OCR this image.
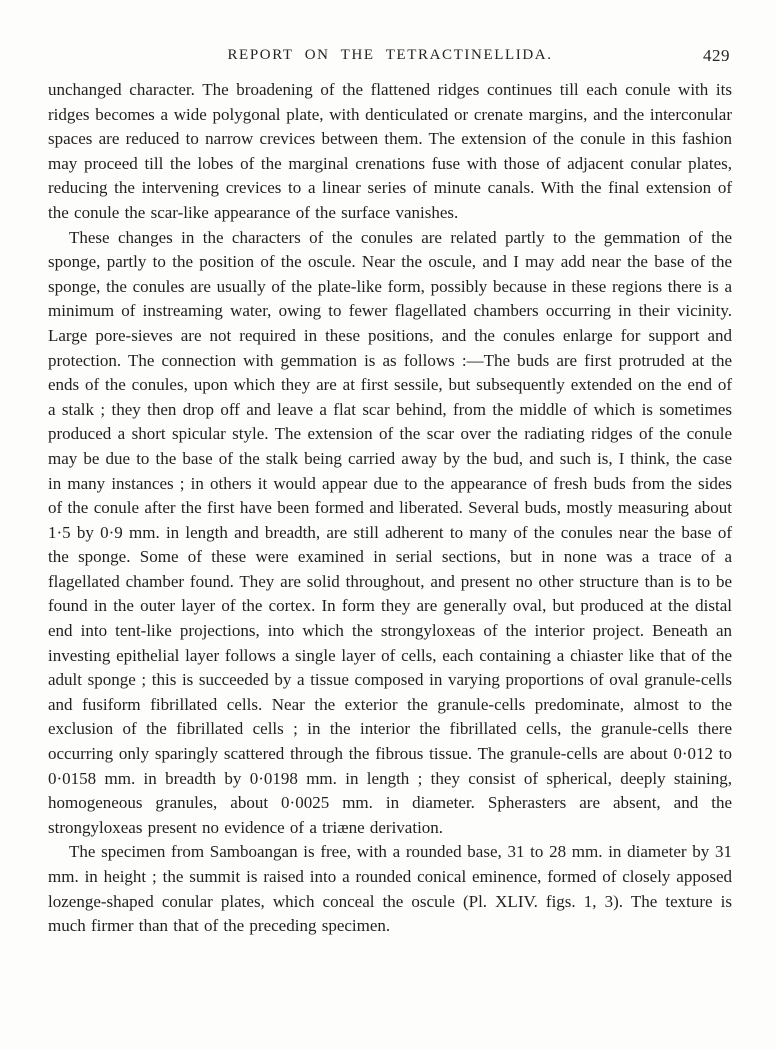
REPORT ON THE TETRACTINELLIDA.	429

unchanged character. The broadening of the flattened ridges continues till each conule with its ridges becomes a wide polygonal plate, with denticulated or crenate margins, and the interconular spaces are reduced to narrow crevices between them. The extension of the conule in this fashion may proceed till the lobes of the marginal crenations fuse with those of adjacent conular plates, reducing the intervening crevices to a linear series of minute canals. With the final extension of the conule the scar-like appearance of the surface vanishes.

These changes in the characters of the conules are related partly to the gemmation of the sponge, partly to the position of the oscule. Near the oscule, and I may add near the base of the sponge, the conules are usually of the plate-like form, possibly because in these regions there is a minimum of instreaming water, owing to fewer flagellated chambers occurring in their vicinity. Large pore-sieves are not required in these positions, and the conules enlarge for support and protection. The connection with gemmation is as follows :—The buds are first protruded at the ends of the conules, upon which they are at first sessile, but subsequently extended on the end of a stalk ; they then drop off and leave a flat scar behind, from the middle of which is sometimes produced a short spicular style. The extension of the scar over the radiating ridges of the conule may be due to the base of the stalk being carried away by the bud, and such is, I think, the case in many instances ; in others it would appear due to the appearance of fresh buds from the sides of the conule after the first have been formed and liberated. Several buds, mostly measuring about 1·5 by 0·9 mm. in length and breadth, are still adherent to many of the conules near the base of the sponge. Some of these were examined in serial sections, but in none was a trace of a flagellated chamber found. They are solid throughout, and present no other structure than is to be found in the outer layer of the cortex. In form they are generally oval, but produced at the distal end into tent-like projections, into which the strongyloxeas of the interior project. Beneath an investing epithelial layer follows a single layer of cells, each containing a chiaster like that of the adult sponge ; this is succeeded by a tissue composed in varying proportions of oval granule-cells and fusiform fibrillated cells. Near the exterior the granule-cells predominate, almost to the exclusion of the fibrillated cells ; in the interior the fibrillated cells, the granule-cells there occurring only sparingly scattered through the fibrous tissue. The granule-cells are about 0·012 to 0·0158 mm. in breadth by 0·0198 mm. in length ; they consist of spherical, deeply staining, homogeneous granules, about 0·0025 mm. in diameter. Spherasters are absent, and the strongyloxeas present no evidence of a triæne derivation.

The specimen from Samboangan is free, with a rounded base, 31 to 28 mm. in diameter by 31 mm. in height ; the summit is raised into a rounded conical eminence, formed of closely apposed lozenge-shaped conular plates, which conceal the oscule (Pl. XLIV. figs. 1, 3). The texture is much firmer than that of the preceding specimen.
